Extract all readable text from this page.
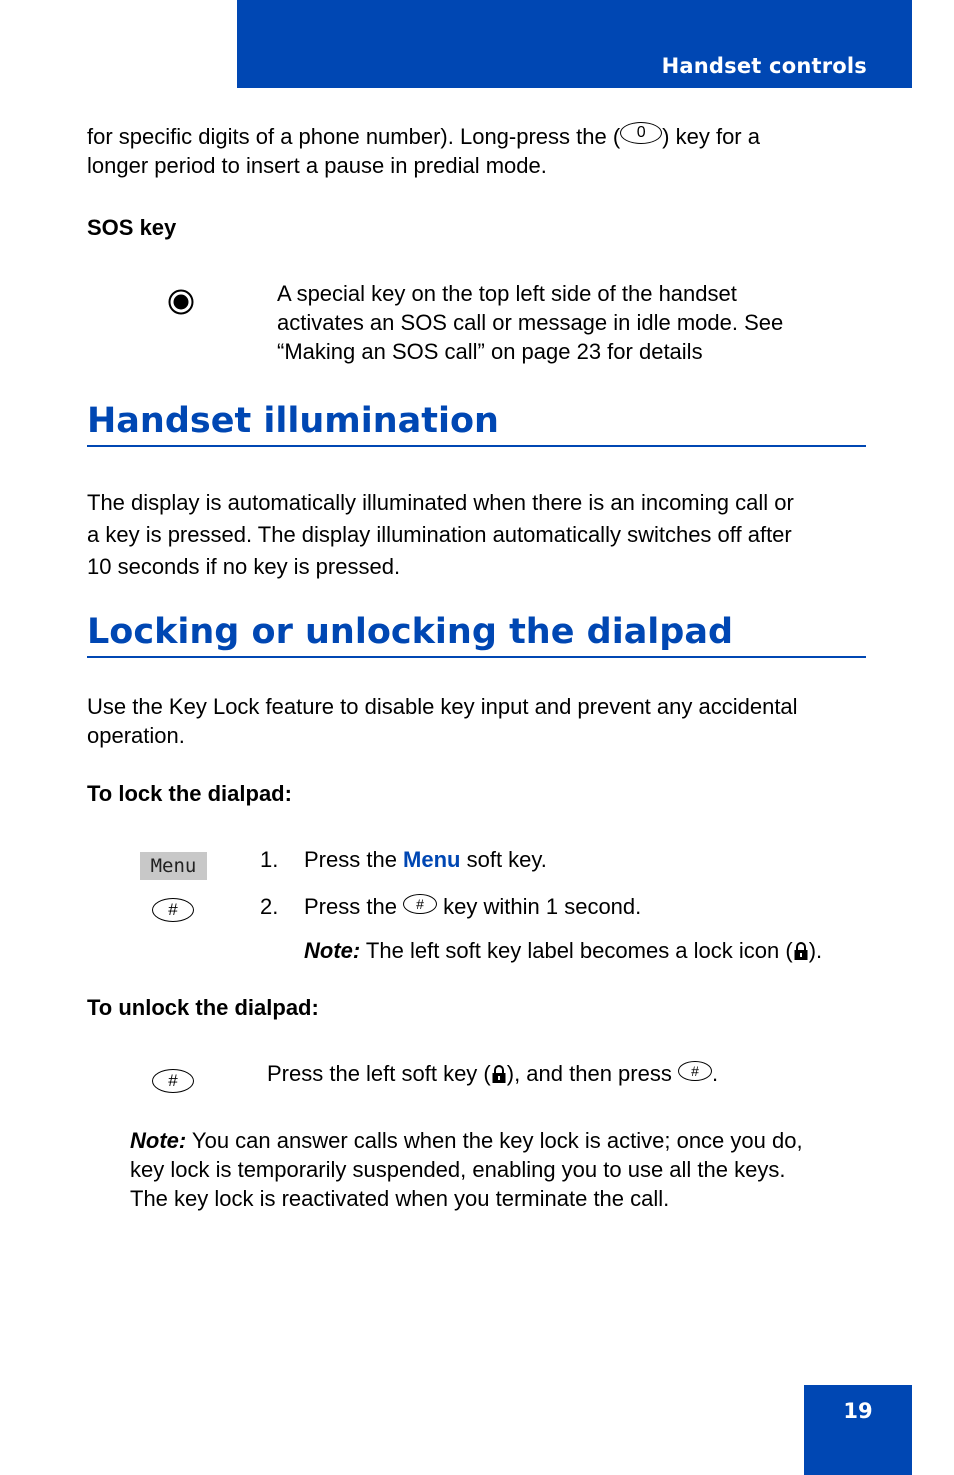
Handset controls
for specific digits of a phone number). Long-press the ( 0 ) key for a
longer period to insert a pause in predial mode.
SOS key
A special key on the top left side of the handset
activates an SOS call or message in idle mode. See
“Making an SOS call” on page 23 for details
Handset illumination
The display is automatically illuminated when there is an incoming call or
a key is pressed. The display illumination automatically switches off after
10 seconds if no key is pressed.
Locking or unlocking the dialpad
Use the Key Lock feature to disable key input and prevent any accidental
operation.
To lock the dialpad:
Menu
#
1. Press the Menu soft key.
2. Press the # key within 1 second.
Note: The left soft key label becomes a lock icon ( ).
To unlock the dialpad:
#	Press the left soft key ( ), and then press # .
Note: You can answer calls when the key lock is active; once you do,
key lock is temporarily suspended, enabling you to use all the keys.
The key lock is reactivated when you terminate the call.
19
